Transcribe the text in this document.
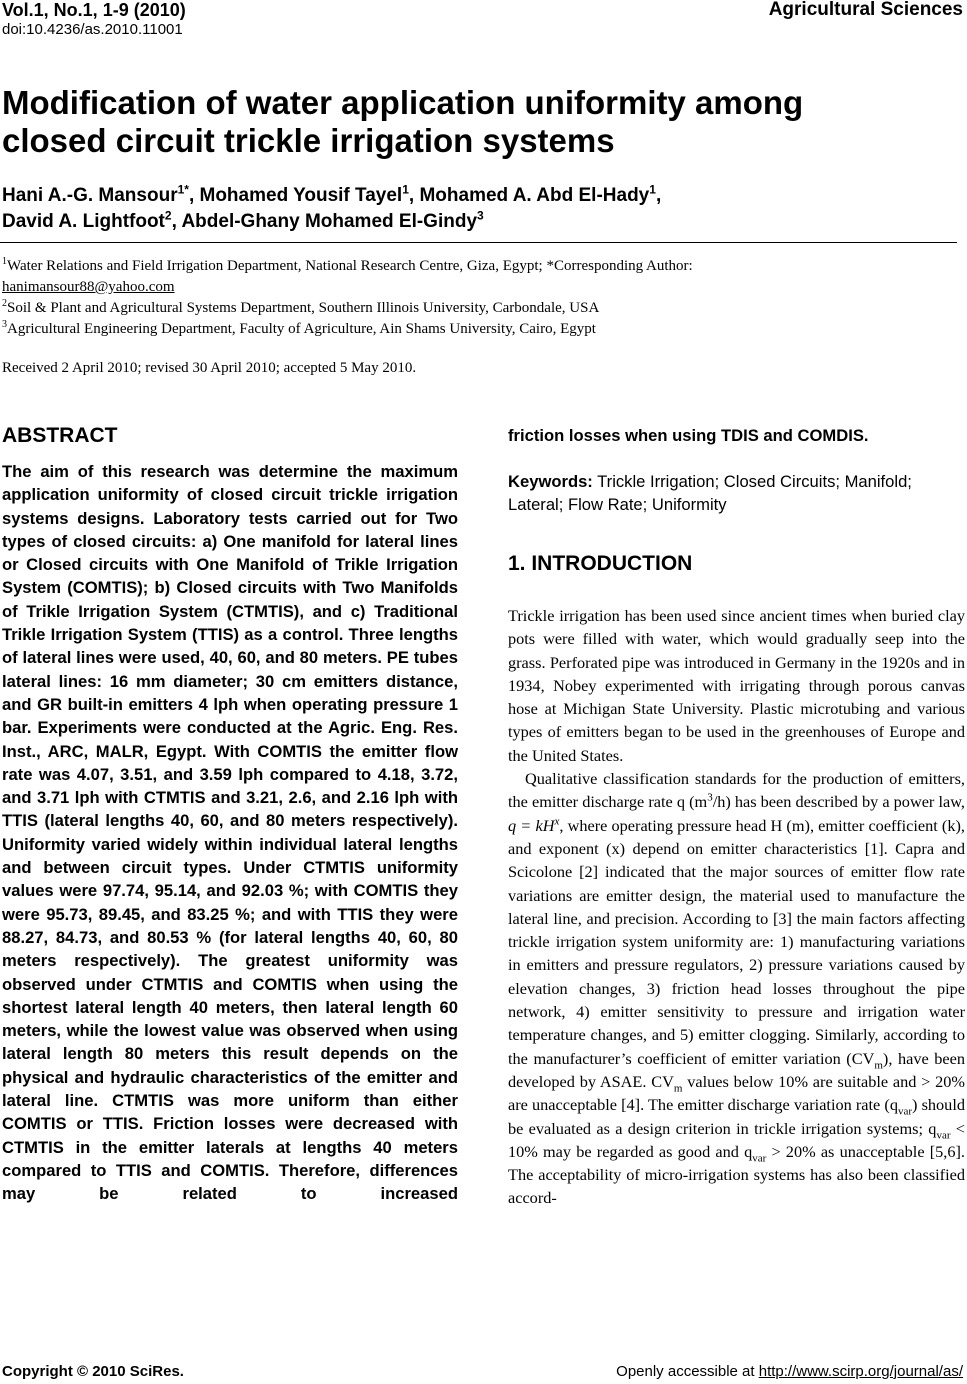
Vol.1, No.1, 1-9 (2010)
doi:10.4236/as.2010.11001
Agricultural Sciences
Modification of water application uniformity among
closed circuit trickle irrigation systems
Hani A.-G. Mansour$^{1*}$, Mohamed Yousif Tayel$^1$, Mohamed A. Abd El-Hady$^1$,
David A. Lightfoot$^2$, Abdel-Ghany Mohamed El-Gindy$^3$
$^1$Water Relations and Field Irrigation Department, National Research Centre, Giza, Egypt; *Corresponding Author:
hanimansour88@yahoo.com
$^2$Soil & Plant and Agricultural Systems Department, Southern Illinois University, Carbondale, USA
$^3$Agricultural Engineering Department, Faculty of Agriculture, Ain Shams University, Cairo, Egypt
Received 2 April 2010; revised 30 April 2010; accepted 5 May 2010.
ABSTRACT
The aim of this research was determine the maximum application uniformity of closed circuit trickle irrigation systems designs. Laboratory tests carried out for Two types of closed circuits: a) One manifold for lateral lines or Closed circuits with One Manifold of Trikle Irrigation System (COMTIS); b) Closed circuits with Two Manifolds of Trikle Irrigation System (CTMTIS), and c) Traditional Trikle Irrigation System (TTIS) as a control. Three lengths of lateral lines were used, 40, 60, and 80 meters. PE tubes lateral lines: 16 mm diameter; 30 cm emitters distance, and GR built-in emitters 4 lph when operating pressure 1 bar. Experiments were conducted at the Agric. Eng. Res. Inst., ARC, MALR, Egypt. With COMTIS the emitter flow rate was 4.07, 3.51, and 3.59 lph compared to 4.18, 3.72, and 3.71 lph with CTMTIS and 3.21, 2.6, and 2.16 lph with TTIS (lateral lengths 40, 60, and 80 meters respectively). Uniformity varied widely within individual lateral lengths and between circuit types. Under CTMTIS uniformity values were 97.74, 95.14, and 92.03 %; with COMTIS they were 95.73, 89.45, and 83.25 %; and with TTIS they were 88.27, 84.73, and 80.53 % (for lateral lengths 40, 60, 80 meters respectively). The greatest uniformity was observed under CTMTIS and COMTIS when using the shortest lateral length 40 meters, then lateral length 60 meters, while the lowest value was observed when using lateral length 80 meters this result depends on the physical and hydraulic characteristics of the emitter and lateral line. CTMTIS was more uniform than either COMTIS or TTIS. Friction losses were decreased with CTMTIS in the emitter laterals at lengths 40 meters compared to TTIS and COMTIS. Therefore, differences may be related to increased
friction losses when using TDIS and COMDIS.
Keywords: Trickle Irrigation; Closed Circuits; Manifold; Lateral; Flow Rate; Uniformity
1. INTRODUCTION

Trickle irrigation has been used since ancient times when buried clay pots were filled with water, which would gradually seep into the grass. Perforated pipe was introduced in Germany in the 1920s and in 1934, Nobey experimented with irrigating through porous canvas hose at Michigan State University. Plastic microtubing and various types of emitters began to be used in the greenhouses of Europe and the United States.

Qualitative classification standards for the production of emitters, the emitter discharge rate q $(m^3/h)$ has been described by a power law, $q = kH^x$, where operating pressure head H (m), emitter coefficient (k), and exponent (x) depend on emitter characteristics [1]. Capra and Scicolone [2] indicated that the major sources of emitter flow rate variations are emitter design, the material used to manufacture the lateral line, and precision. According to [3] the main factors affecting trickle irrigation system uniformity are: 1) manufacturing variations in emitters and pressure regulators, 2) pressure variations caused by elevation changes, 3) friction head losses throughout the pipe network, 4) emitter sensitivity to pressure and irrigation water temperature changes, and 5) emitter clogging. Similarly, according to the manufacturer’s coefficient of emitter variation $(CV_m)$, have been developed by ASAE. $CV_m$ values below 10% are suitable and > 20% are unacceptable [4]. The emitter discharge variation rate $(q_{var})$ should be evaluated as a design criterion in trickle irrigation systems; $q_{var} < 10\%$ may be regarded as good and $q_{var} > 20\%$ as unacceptable [5,6]. The acceptability of micro-irrigation systems has also been classified accord-

Copyright © 2010 SciRes.	Openly accessible at http://www.scirp.org/journal/as/
